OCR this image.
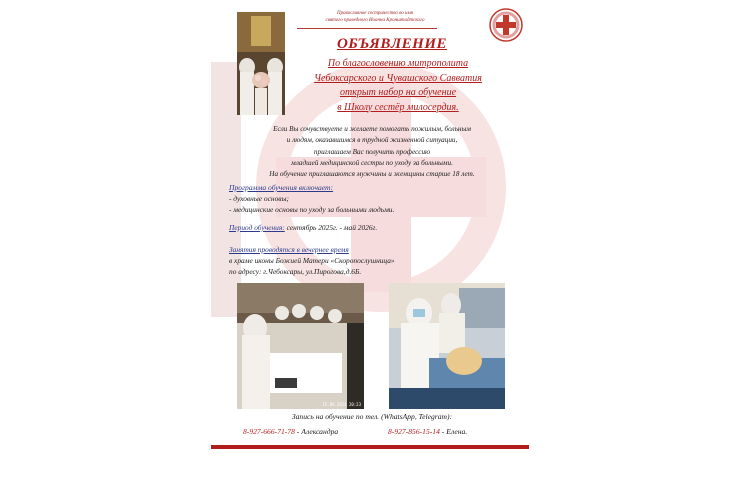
Православное сестричество во имя
святого праведного Иоанна Кронштадтского
ОБЪЯВЛЕНИЕ
По благословению митрополита
Чебоксарского и Чувашского Савватия
открыт набор на обучение
в Школу сестёр милосердия.
Если Вы сочувствуете и желаете помогать пожилым, больным
и людям, оказавшимся в трудной жизненной ситуации,
приглашаем Вас получить профессию
младшей медицинской сестры по уходу за больными.
На обучение приглашаются мужчины и женщины старше 18 лет.
Программа обучения включает:
- духовные основы;
- медицинские основы по уходу за больными людьми.
Период обучения: сентябрь 2025г. - май 2026г.
Занятия проводятся в вечернее время
в храме иконы Божией Матери «Скоропослушница»
по адресу: г.Чебоксары, ул.Пирогова,д.6Б.
15.09.2024 20:23
Запись на обучение по тел. (WhatsApp, Telegram):
8-927-666-71-78 - Александра	8-927-856-15-14 - Елена.
